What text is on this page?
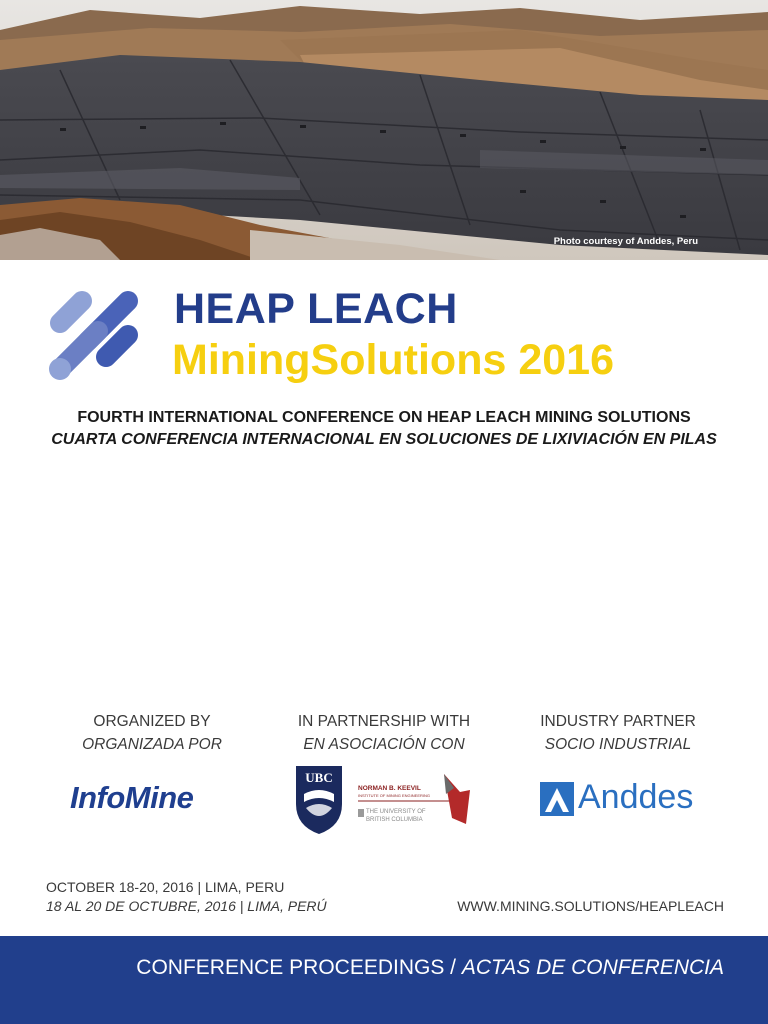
Photo courtesy of Anddes, Peru
HEAP LEACH
MiningSolutions 2016
FOURTH INTERNATIONAL CONFERENCE ON HEAP LEACH MINING SOLUTIONS
CUARTA CONFERENCIA INTERNACIONAL EN SOLUCIONES DE LIXIVIACIÓN EN PILAS
ORGANIZED BY
ORGANIZADA POR
IN PARTNERSHIP WITH
EN ASOCIACIÓN CON
INDUSTRY PARTNER
SOCIO INDUSTRIAL
InfoMine
UBC
NORMAN B. KEEVIL
INSTITUTE OF MINING ENGINEERING
THE UNIVERSITY OF
BRITISH COLUMBIA
Anddes
OCTOBER 18-20, 2016 | LIMA, PERU
18 AL 20 DE OCTUBRE, 2016 | LIMA, PERÚ	WWW.MINING.SOLUTIONS/HEAPLEACH
CONFERENCE PROCEEDINGS / ACTAS DE CONFERENCIA
